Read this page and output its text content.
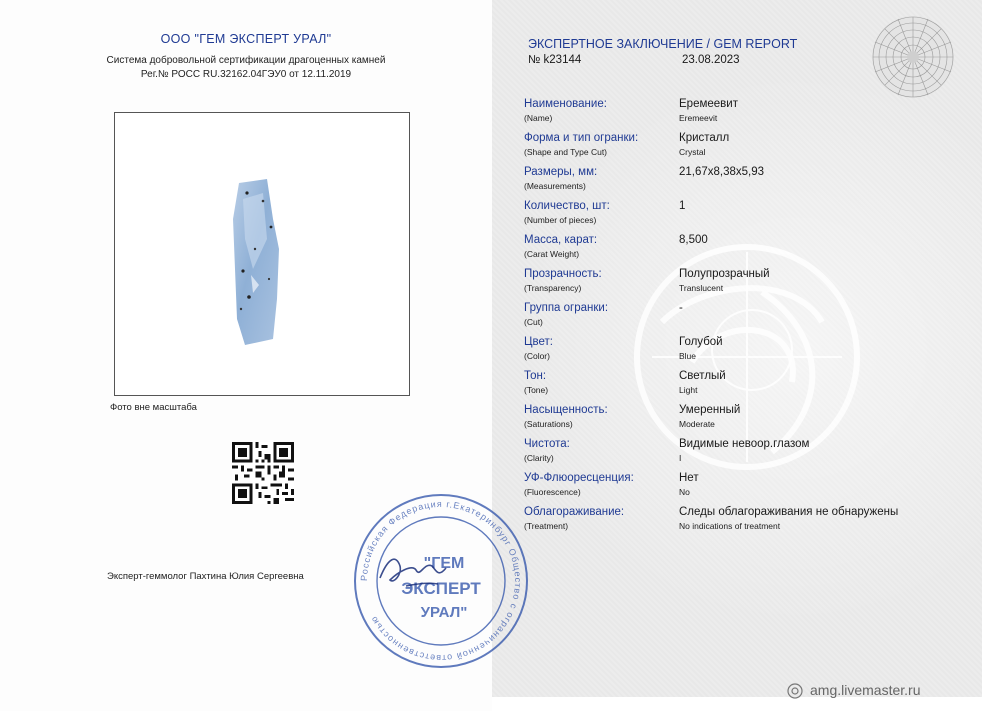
ООО "ГЕМ ЭКСПЕРТ УРАЛ"
Система добровольной сертификации драгоценных камней
Рег.№ РОСС RU.32162.04ГЭУ0 от 12.11.2019
Фото вне масштаба
Эксперт-геммолог Пахтина Юлия Сергеевна
ЭКСПЕРТНОЕ ЗАКЛЮЧЕНИЕ / GEM REPORT
№ k23144	23.08.2023
Наименование:
(Name)
Еремеевит
Eremeevit
Форма и тип огранки:
(Shape and Type Cut)
Кристалл
Crystal
Размеры, мм:
(Measurements)
21,67x8,38x5,93
Количество, шт:
(Number of pieces)
1
Масса, карат:
(Carat Weight)
8,500
Прозрачность:
(Transparency)
Полупрозрачный
Translucent
Группа огранки:
(Cut)
-
Цвет:
(Color)
Голубой
Blue
Тон:
(Tone)
Светлый
Light
Насыщенность:
(Saturations)
Умеренный
Moderate
Чистота:
(Clarity)
Видимые невоор.глазом
I
УФ-Флюоресценция:
(Fluorescence)
Нет
No
Облагораживание:
(Treatment)
Следы облагораживания не обнаружены
No indications of treatment
Российская Федерация г.Екатеринбург Общество с ограниченной ответственностью
"ГЕМ
ЭКСПЕРТ
УРАЛ"
amg.livemaster.ru
